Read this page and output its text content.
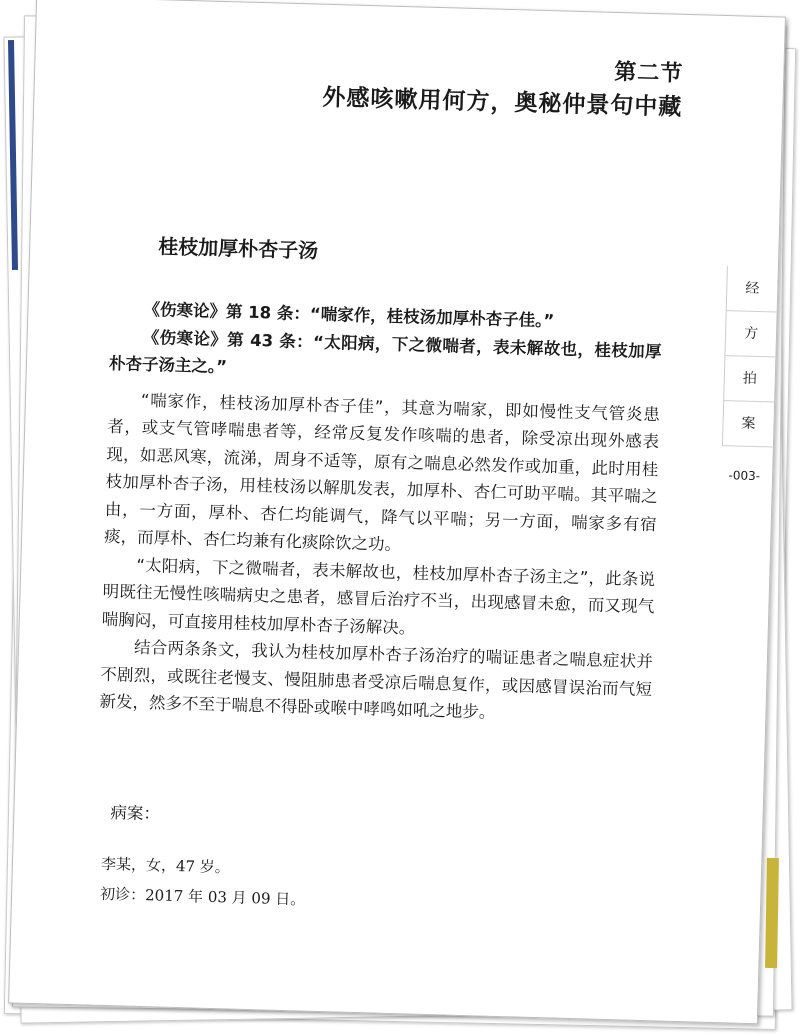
第二节
外感咳嗽用何方，奥秘仲景句中藏
经
方
拍
案
-003-
桂枝加厚朴杏子汤

《伤寒论》第 18 条：“喘家作，桂枝汤加厚朴杏子佳。”

《伤寒论》第 43 条：“太阳病，下之微喘者，表未解故也，桂枝加厚朴杏子汤主之。”

“喘家作，桂枝汤加厚朴杏子佳”，其意为喘家，即如慢性支气管炎患者，或支气管哮喘患者等，经常反复发作咳喘的患者，除受凉出现外感表现，如恶风寒，流涕，周身不适等，原有之喘息必然发作或加重，此时用桂枝加厚朴杏子汤，用桂枝汤以解肌发表，加厚朴、杏仁可助平喘。其平喘之由，一方面，厚朴、杏仁均能调气，降气以平喘；另一方面，喘家多有宿痰，而厚朴、杏仁均兼有化痰除饮之功。

“太阳病，下之微喘者，表未解故也，桂枝加厚朴杏子汤主之”，此条说明既往无慢性咳喘病史之患者，感冒后治疗不当，出现感冒未愈，而又现气喘胸闷，可直接用桂枝加厚朴杏子汤解决。

结合两条条文，我认为桂枝加厚朴杏子汤治疗的喘证患者之喘息症状并不剧烈，或既往老慢支、慢阻肺患者受凉后喘息复作，或因感冒误治而气短新发，然多不至于喘息不得卧或喉中哮鸣如吼之地步。

病案：

李某，女，47 岁。

初诊：2017 年 03 月 09 日。
